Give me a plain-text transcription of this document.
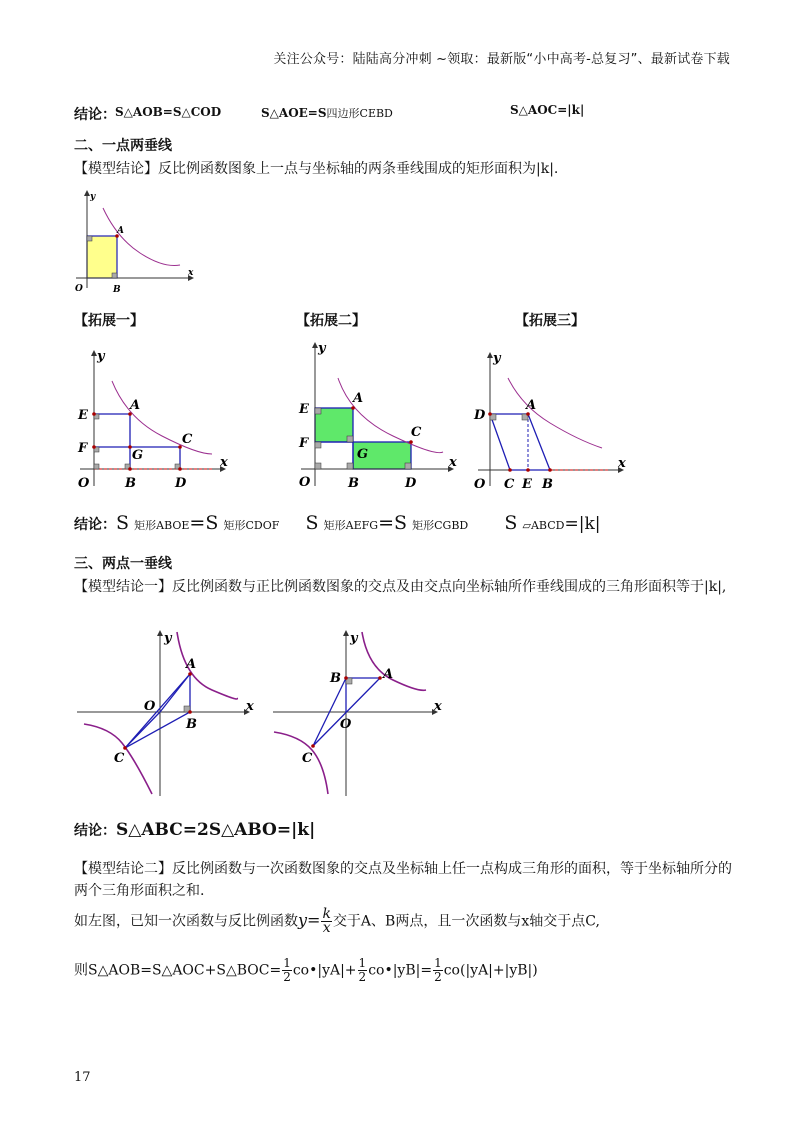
关注公众号：陆陆高分冲刺 ~领取：最新版“小中高考-总复习”、最新试卷下载
结论： S△AOB=S△COD	S△AOE=S四边形CEBD	S△AOC=|k|
二、一点两垂线
【模型结论】反比例函数图象上一点与坐标轴的两条垂线围成的矩形面积为|k|.
A
O	B
y
x
【拓展一】	【拓展二】	【拓展三】
A
C
G
E
F
O	B	D
y
x
A
C
G
E
F
O	B	D
y
x
A
D
O C E B
y
x
结论：S 矩形ABOE=S 矩形CDOF S 矩形AEFG=S 矩形CGBD S ▱ABCD=|k|
三、两点一垂线
【模型结论一】反比例函数与正比例函数图象的交点及由交点向坐标轴所作垂线围成的三角形面积等于|k|,
A
B
C
O
y
x
A
B
C
O
y
x
结论：S△ABC=2S△ABO=|k|
【模型结论二】反比例函数与一次函数图象的交点及坐标轴上任一点构成三角形的面积，等于坐标轴所分的两个三角形面积之和.
如左图，已知一次函数与反比例函数$y= \frac{k}{x}$ 交于A、B两点，且一次函数与x轴交于点C,
则S△AOB=S△AOC+S△BOC= $\frac{1}{2}$ co•|yA|+ $\frac{1}{2}$ co•|yB|= $\frac{1}{2} co(|yA|+|yB|)$
17
